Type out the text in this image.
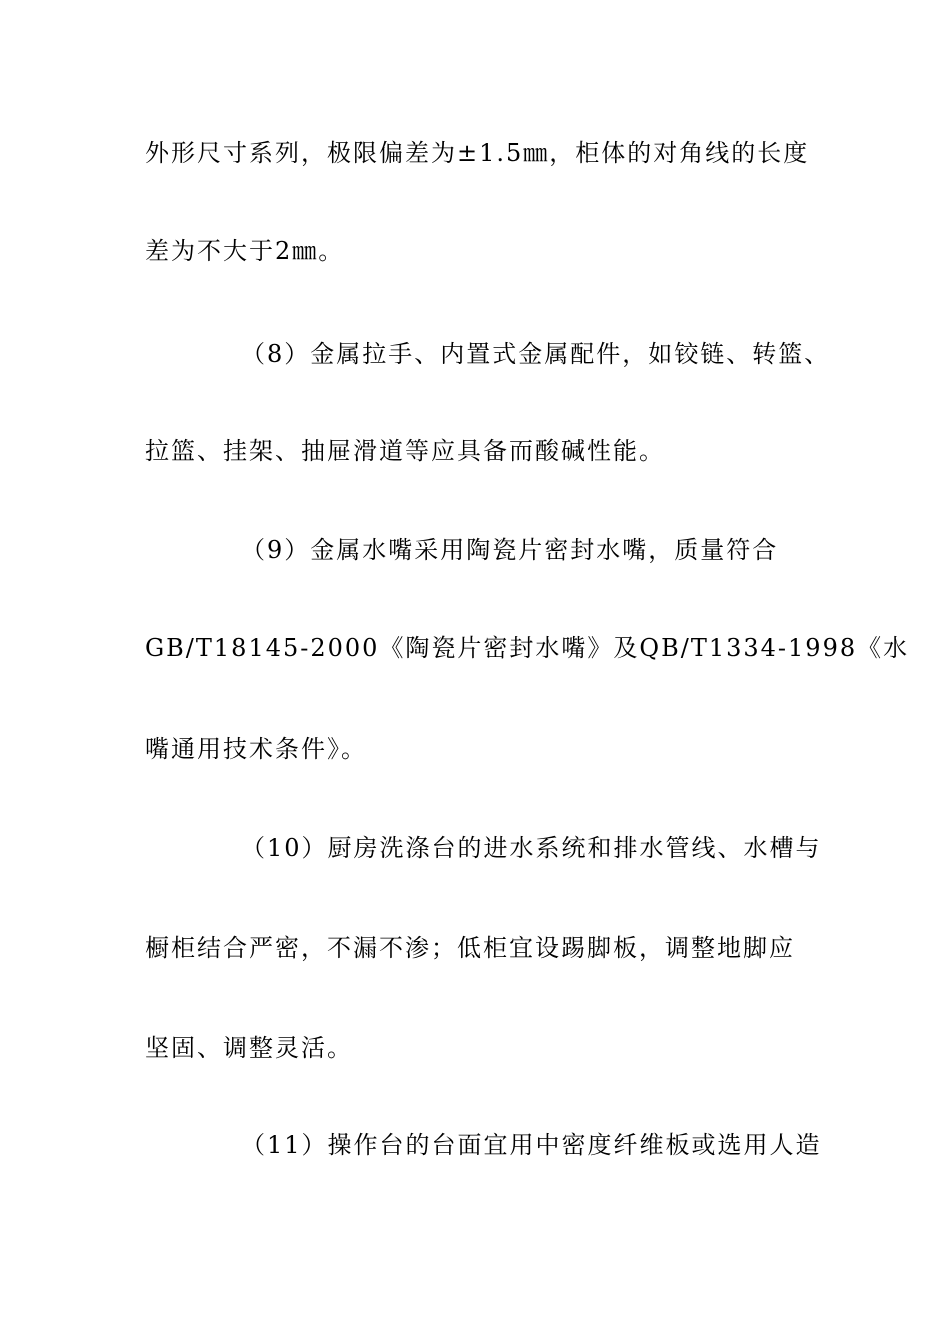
外形尺寸系列，极限偏差为±1.5㎜，柜体的对角线的长度
差为不大于2㎜。
（8）金属拉手、内置式金属配件，如铰链、转篮、
拉篮、挂架、抽屉滑道等应具备而酸碱性能。
（9）金属水嘴采用陶瓷片密封水嘴，质量符合
GB/T18145-2000《陶瓷片密封水嘴》及QB/T1334-1998《水
嘴通用技术条件》。
（10）厨房洗涤台的进水系统和排水管线、水槽与
橱柜结合严密，不漏不渗；低柜宜设踢脚板，调整地脚应
坚固、调整灵活。
（11）操作台的台面宜用中密度纤维板或选用人造
